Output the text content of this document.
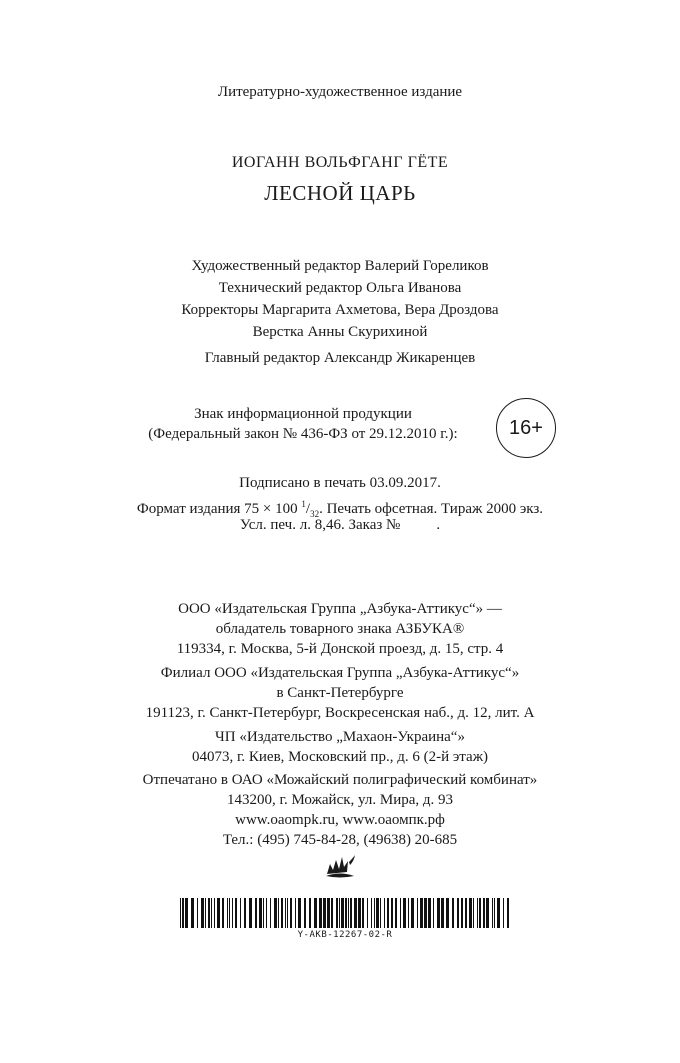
Литературно-художественное издание
ИОГАНН ВОЛЬФГАНГ ГЁТЕ
ЛЕСНОЙ ЦАРЬ
Художественный редактор Валерий Гореликов
Технический редактор Ольга Иванова
Корректоры Маргарита Ахметова, Вера Дроздова
Верстка Анны Скурихиной
Главный редактор Александр Жикаренцев
Знак информационной продукции
(Федеральный закон № 436-ФЗ от 29.12.2010 г.):	16+
Подписано в печать 03.09.2017.
Формат издания 75 × 100 $^1/_{32}$. Печать офсетная. Тираж 2000 экз.
Усл. печ. л. 8,46. Заказ № .
ООО «Издательская Группа „Азбука-Аттикус“» —
обладатель товарного знака АЗБУКА®
119334, г. Москва, 5-й Донской проезд, д. 15, стр. 4
Филиал ООО «Издательская Группа „Азбука-Аттикус“»
в Санкт-Петербурге
191123, г. Санкт-Петербург, Воскресенская наб., д. 12, лит. А
ЧП «Издательство „Махаон-Украина“»
04073, г. Киев, Московский пр., д. 6 (2-й этаж)
Отпечатано в ОАО «Можайский полиграфический комбинат»
143200, г. Можайск, ул. Мира, д. 93
www.oaompk.ru, www.оаомпк.рф
Тел.: (495) 745-84-28, (49638) 20-685
Y-AKB-12267-02-R
